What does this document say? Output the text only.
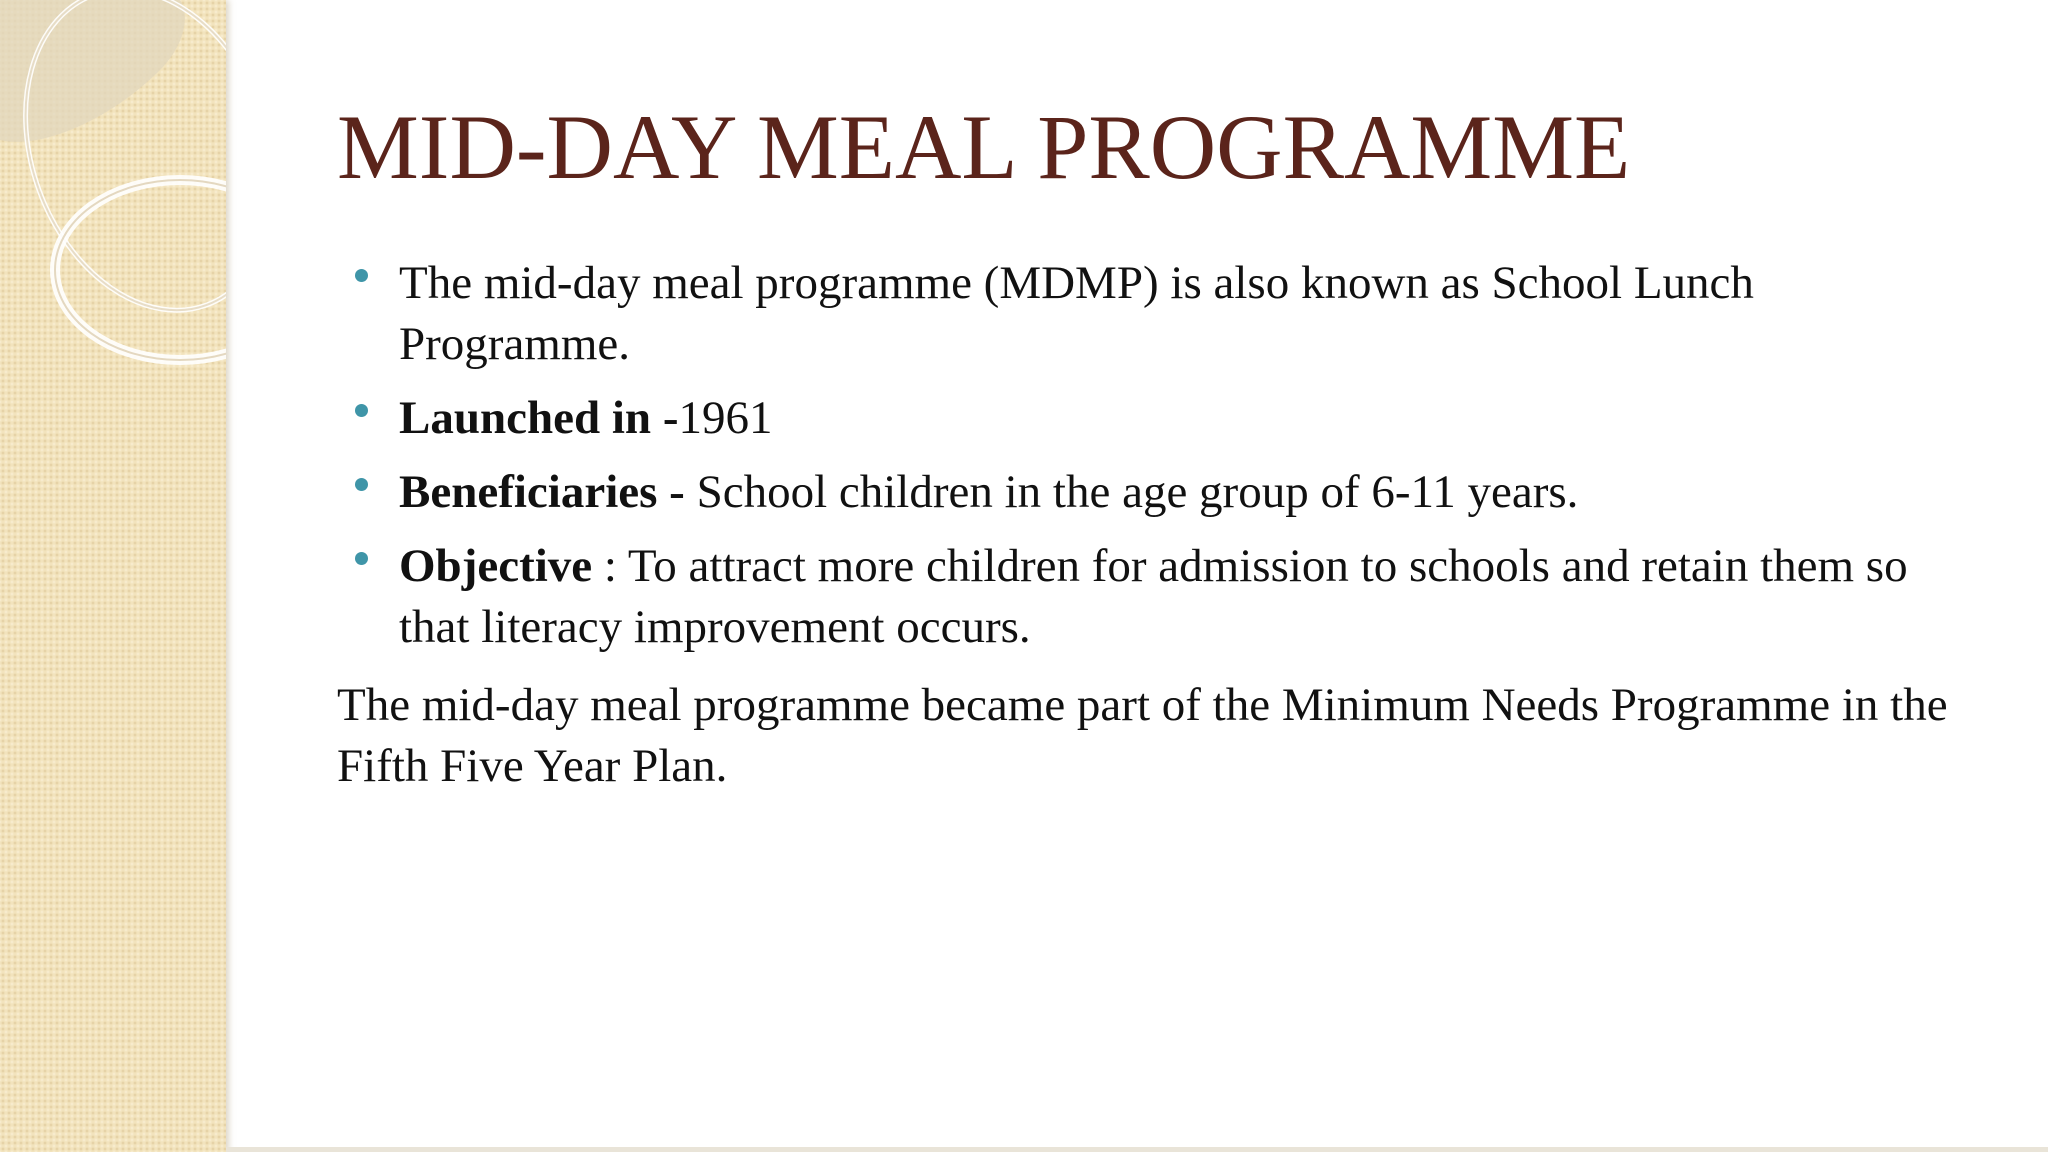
MID-DAY MEAL PROGRAMME
The mid-day meal programme (MDMP) is also known as School Lunch Programme.
Launched in -1961
Beneficiaries - School children in the age group of 6-11 years.
Objective : To attract more children for admission to schools and retain them so that literacy improvement occurs.

The mid-day meal programme became part of the Minimum Needs Programme in the Fifth Five Year Plan.
